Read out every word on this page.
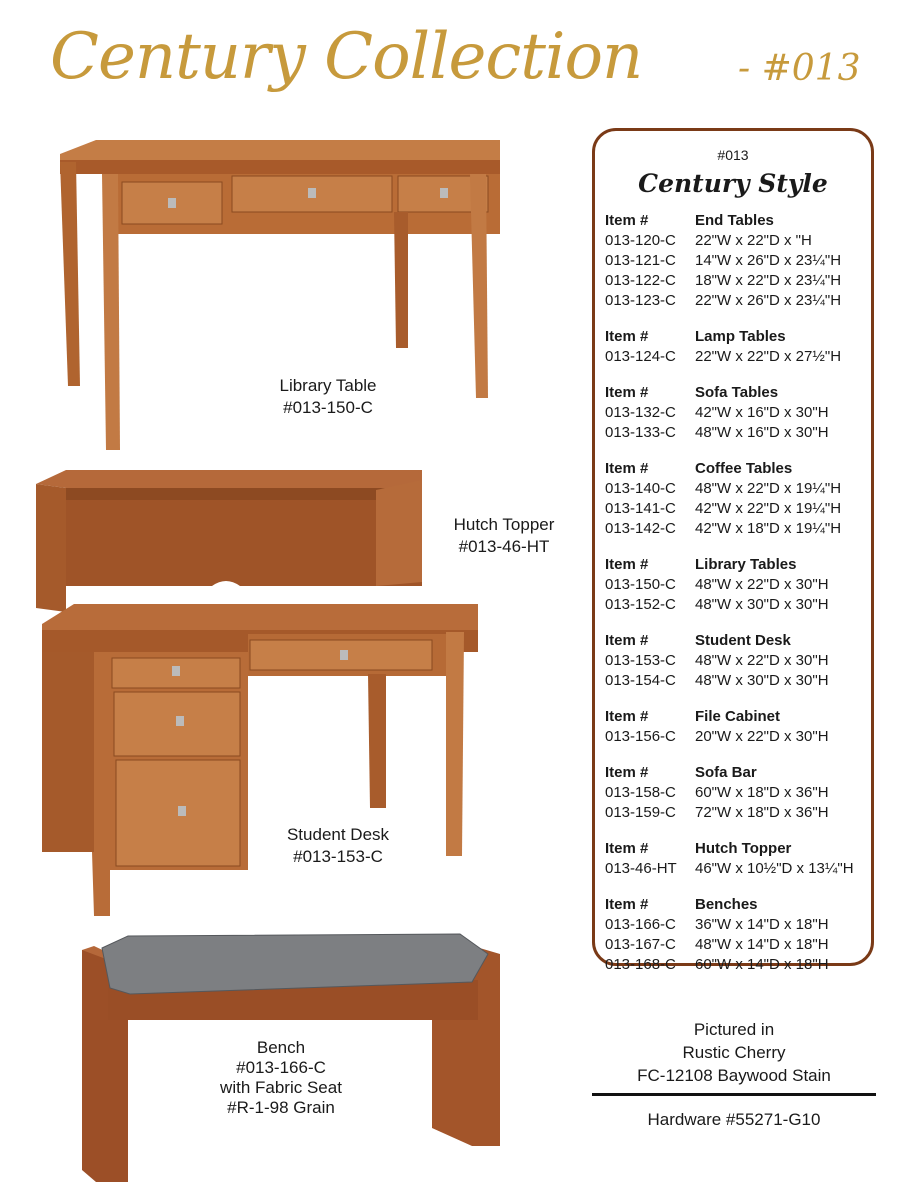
Century Collection	- #013
Library Table
#013-150-C
Hutch Topper
#013-46-HT
Student Desk
#013-153-C
Bench
#013-166-C
with Fabric Seat
#R-1-98 Grain
#013
Century Style
Item #	End Tables
013-120-C	22"W x 22"D x "H
013-121-C	14"W x 26"D x 23¼"H
013-122-C	18"W x 22"D x 23¼"H
013-123-C	22"W x 26"D x 23¼"H
Item #	Lamp Tables
013-124-C	22"W x 22"D x 27½"H
Item #	Sofa Tables
013-132-C	42"W x 16"D x 30"H
013-133-C	48"W x 16"D x 30"H
Item #	Coffee Tables
013-140-C	48"W x 22"D x 19¼"H
013-141-C	42"W x 22"D x 19¼"H
013-142-C	42"W x 18"D x 19¼"H
Item #	Library Tables
013-150-C	48"W x 22"D x 30"H
013-152-C	48"W x 30"D x 30"H
Item #	Student Desk
013-153-C	48"W x 22"D x 30"H
013-154-C	48"W x 30"D x 30"H
Item #	File Cabinet
013-156-C	20"W x 22"D x 30"H
Item #	Sofa Bar
013-158-C	60"W x 18"D x 36"H
013-159-C	72"W x 18"D x 36"H
Item #	Hutch Topper
013-46-HT	46"W x 10½"D x 13¼"H
Item #	Benches
013-166-C	36"W x 14"D x 18"H
013-167-C	48"W x 14"D x 18"H
013-168-C	60"W x 14"D x 18"H
Pictured in
Rustic Cherry
FC-12108 Baywood Stain
Hardware #55271-G10
